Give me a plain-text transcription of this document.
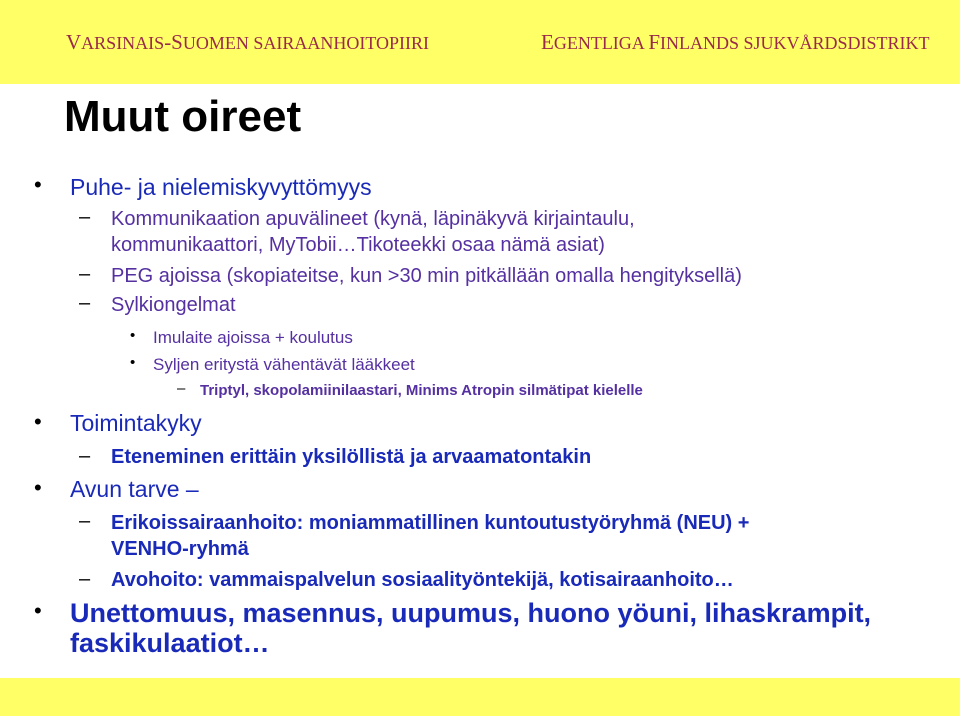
VARSINAIS-SUOMEN SAIRAANHOITOPIIRI	EGENTLIGA FINLANDS SJUKVÅRDSDISTRIKT
Muut oireet
• Puhe- ja nielemiskyvyttömyys
– Kommunikaation apuvälineet (kynä, läpinäkyvä kirjaintaulu,
kommunikaattori, MyTobii…Tikoteekki osaa nämä asiat)
– PEG ajoissa (skopiateitse, kun >30 min pitkällään omalla hengityksellä)
– Sylkiongelmat
• Imulaite ajoissa + koulutus
• Syljen eritystä vähentävät lääkkeet
– Triptyl, skopolamiinilaastari, Minims Atropin silmätipat kielelle
• Toimintakyky
– Eteneminen erittäin yksilöllistä ja arvaamatontakin
• Avun tarve –
– Erikoissairaanhoito: moniammatillinen kuntoutustyöryhmä (NEU) +
VENHO-ryhmä
– Avohoito: vammaispalvelun sosiaalityöntekijä, kotisairaanhoito…
• Unettomuus, masennus, uupumus, huono yöuni, lihaskrampit,
faskikulaatiot…
